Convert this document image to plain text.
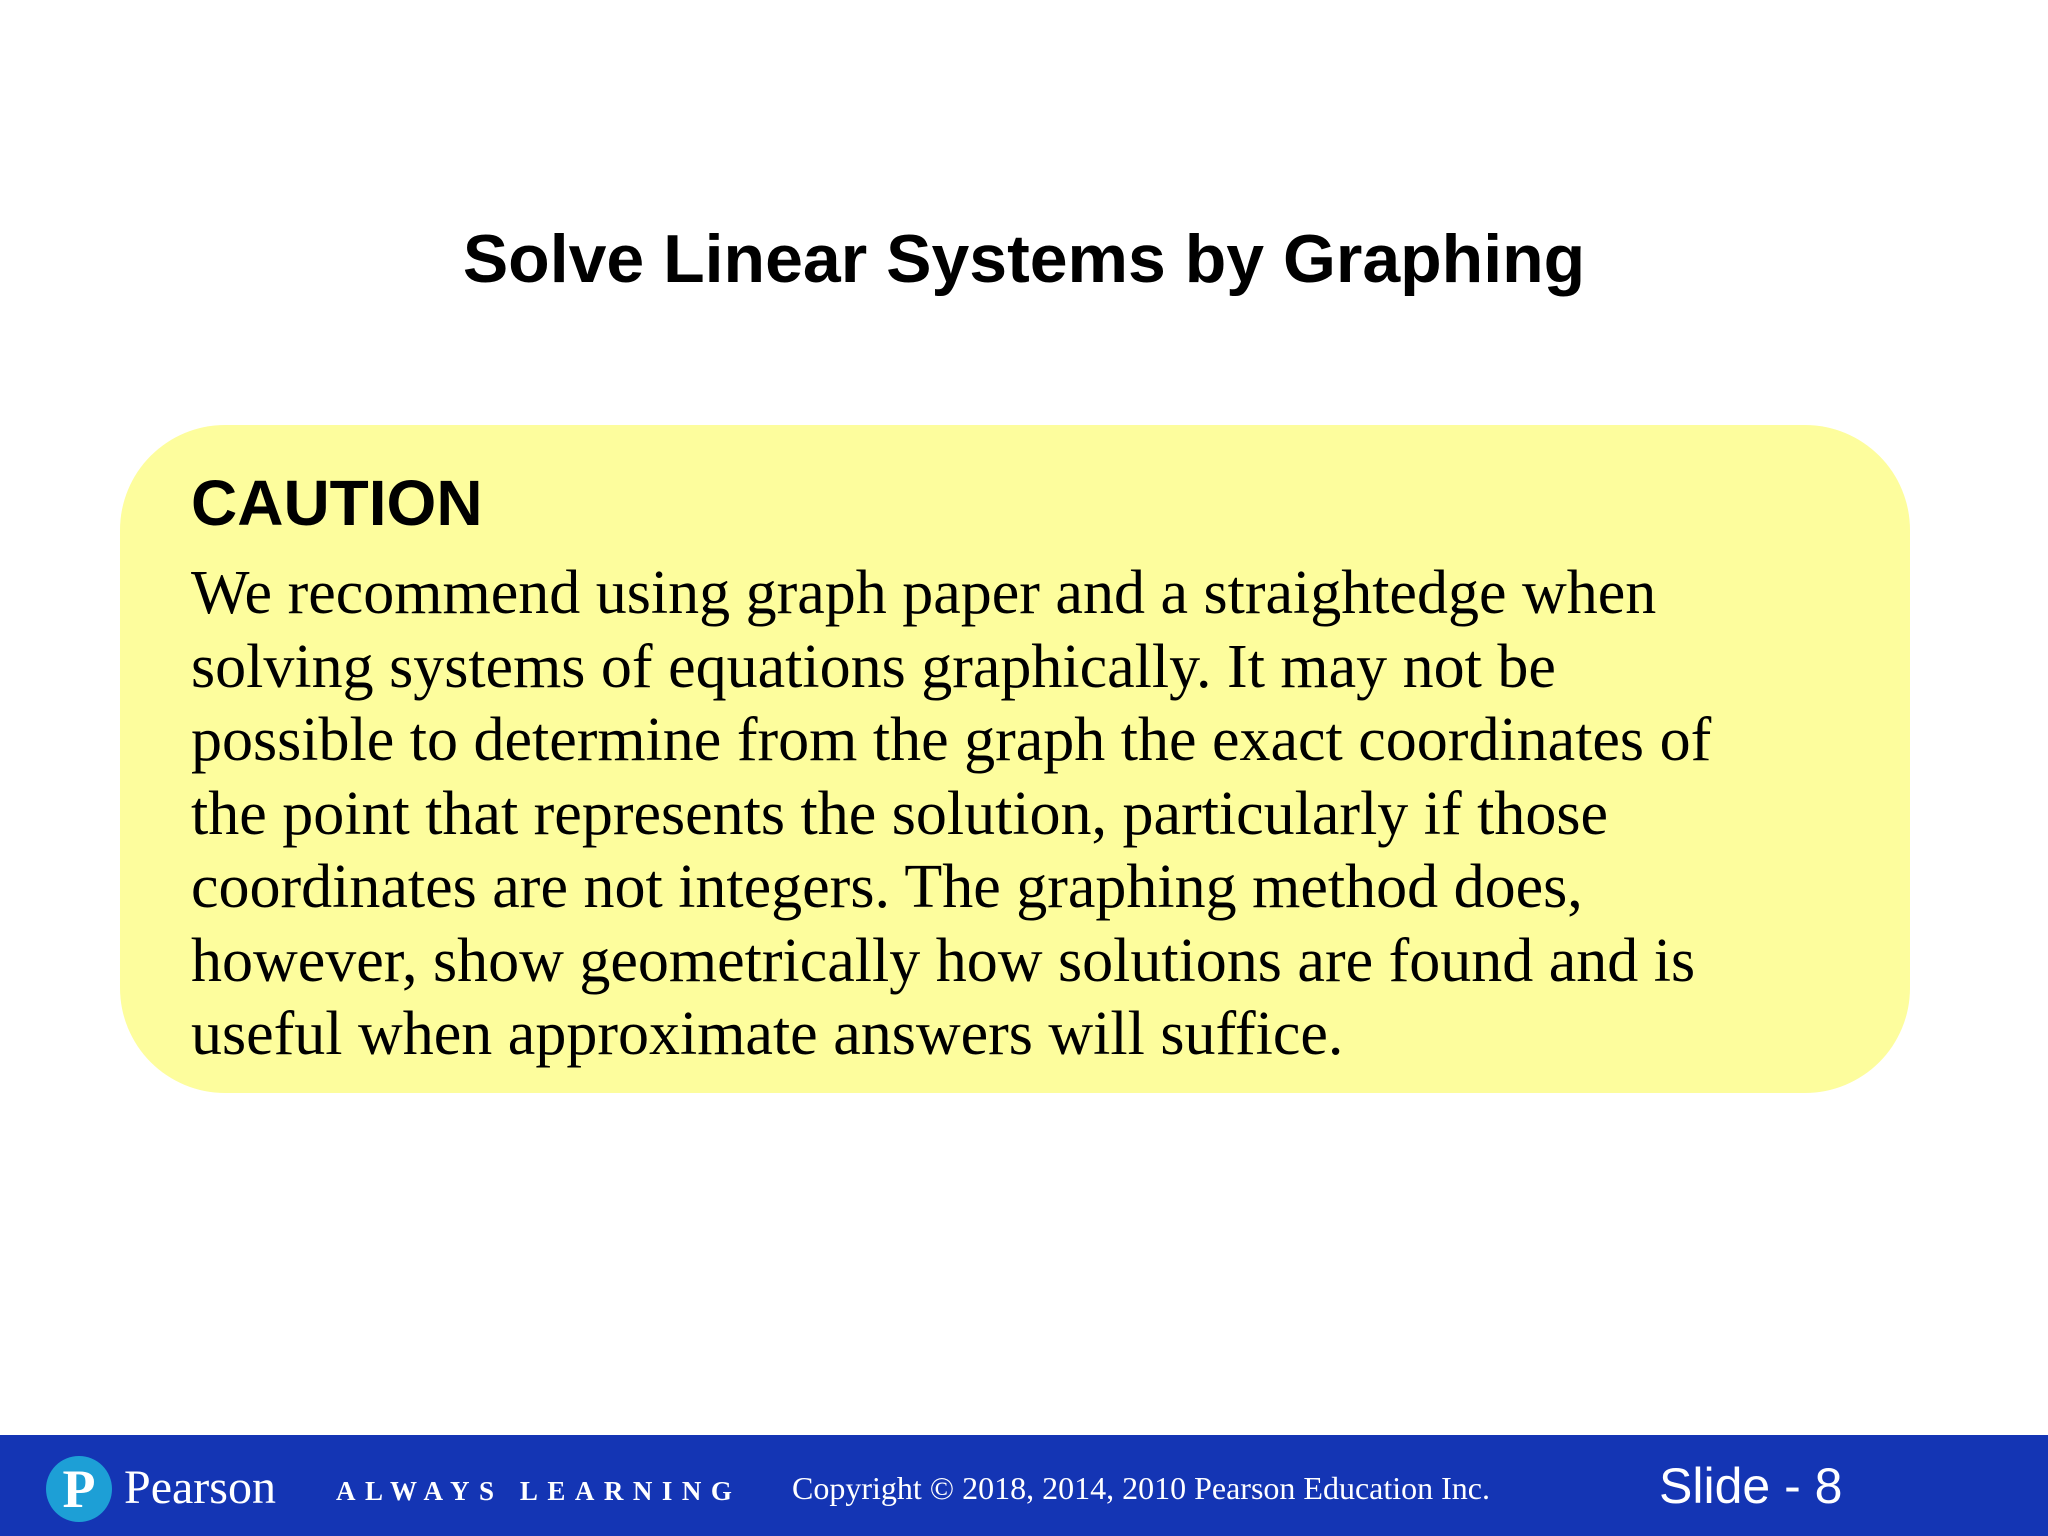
Solve Linear Systems by Graphing
CAUTION
We recommend using graph paper and a straightedge when
solving systems of equations graphically. It may not be
possible to determine from the graph the exact coordinates of
the point that represents the solution, particularly if those
coordinates are not integers. The graphing method does,
however, show geometrically how solutions are found and is
useful when approximate answers will suffice.
P Pearson ALWAYS LEARNING Copyright © 2018, 2014, 2010 Pearson Education Inc.	Slide - 8
